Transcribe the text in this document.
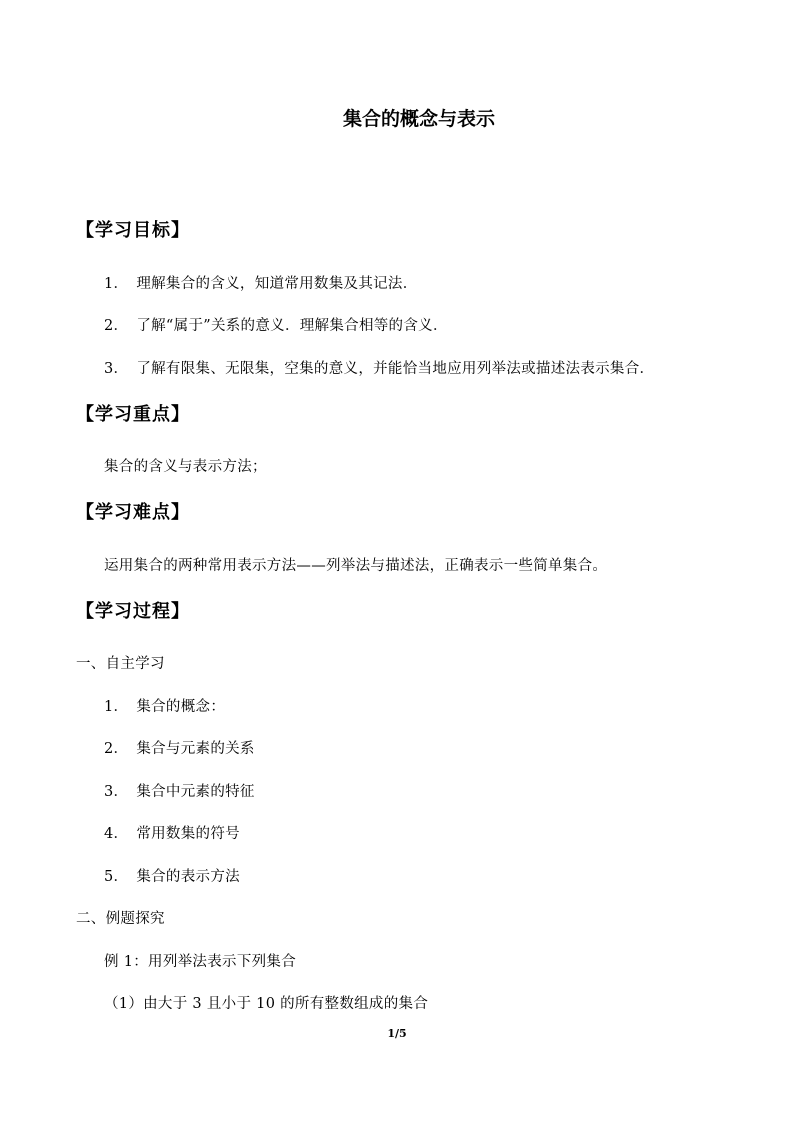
集合的概念与表示
【学习目标】
1． 理解集合的含义，知道常用数集及其记法．
2． 了解“属于”关系的意义．理解集合相等的含义．
3． 了解有限集、无限集，空集的意义，并能恰当地应用列举法或描述法表示集合．
【学习重点】
集合的含义与表示方法；
【学习难点】
运用集合的两种常用表示方法——列举法与描述法，正确表示一些简单集合。
【学习过程】
一、自主学习
1． 集合的概念：
2． 集合与元素的关系
3． 集合中元素的特征
4． 常用数集的符号
5． 集合的表示方法
二、例题探究
例 1：用列举法表示下列集合
（1）由大于 3 且小于 10 的所有整数组成的集合
1/5
